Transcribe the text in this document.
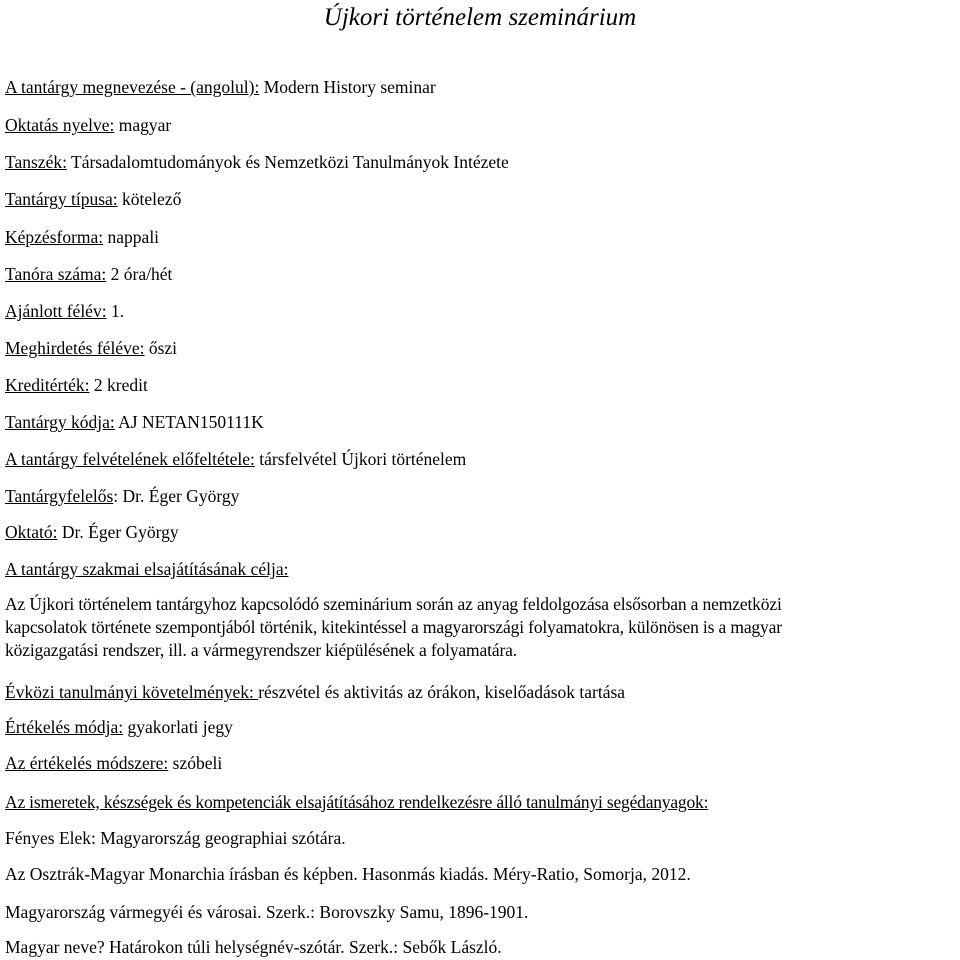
Újkori történelem szeminárium
A tantárgy megnevezése - (angolul): Modern History seminar
Oktatás nyelve: magyar
Tanszék: Társadalomtudományok és Nemzetközi Tanulmányok Intézete
Tantárgy típusa: kötelező
Képzésforma: nappali
Tanóra száma: 2 óra/hét
Ajánlott félév: 1.
Meghirdetés féléve: őszi
Kreditérték: 2 kredit
Tantárgy kódja: AJ NETAN150111K
A tantárgy felvételének előfeltétele: társfelvétel Újkori történelem
Tantárgyfelelős: Dr. Éger György
Oktató: Dr. Éger György
A tantárgy szakmai elsajátításának célja:
Az Újkori történelem tantárgyhoz kapcsolódó szeminárium során az anyag feldolgozása elsősorban a nemzetközi
kapcsolatok története szempontjából történik, kitekintéssel a magyarországi folyamatokra, különösen is a magyar
közigazgatási rendszer, ill. a vármegyrendszer kiépülésének a folyamatára.
Évközi tanulmányi követelmények: részvétel és aktivitás az órákon, kiselőadások tartása
Értékelés módja: gyakorlati jegy
Az értékelés módszere: szóbeli
Az ismeretek, készségek és kompetenciák elsajátításához rendelkezésre álló tanulmányi segédanyagok:
Fényes Elek: Magyarország geographiai szótára.
Az Osztrák-Magyar Monarchia írásban és képben. Hasonmás kiadás. Méry-Ratio, Somorja, 2012.
Magyarország vármegyéi és városai. Szerk.: Borovszky Samu, 1896-1901.
Magyar neve? Határokon túli helységnév-szótár. Szerk.: Sebők László.
